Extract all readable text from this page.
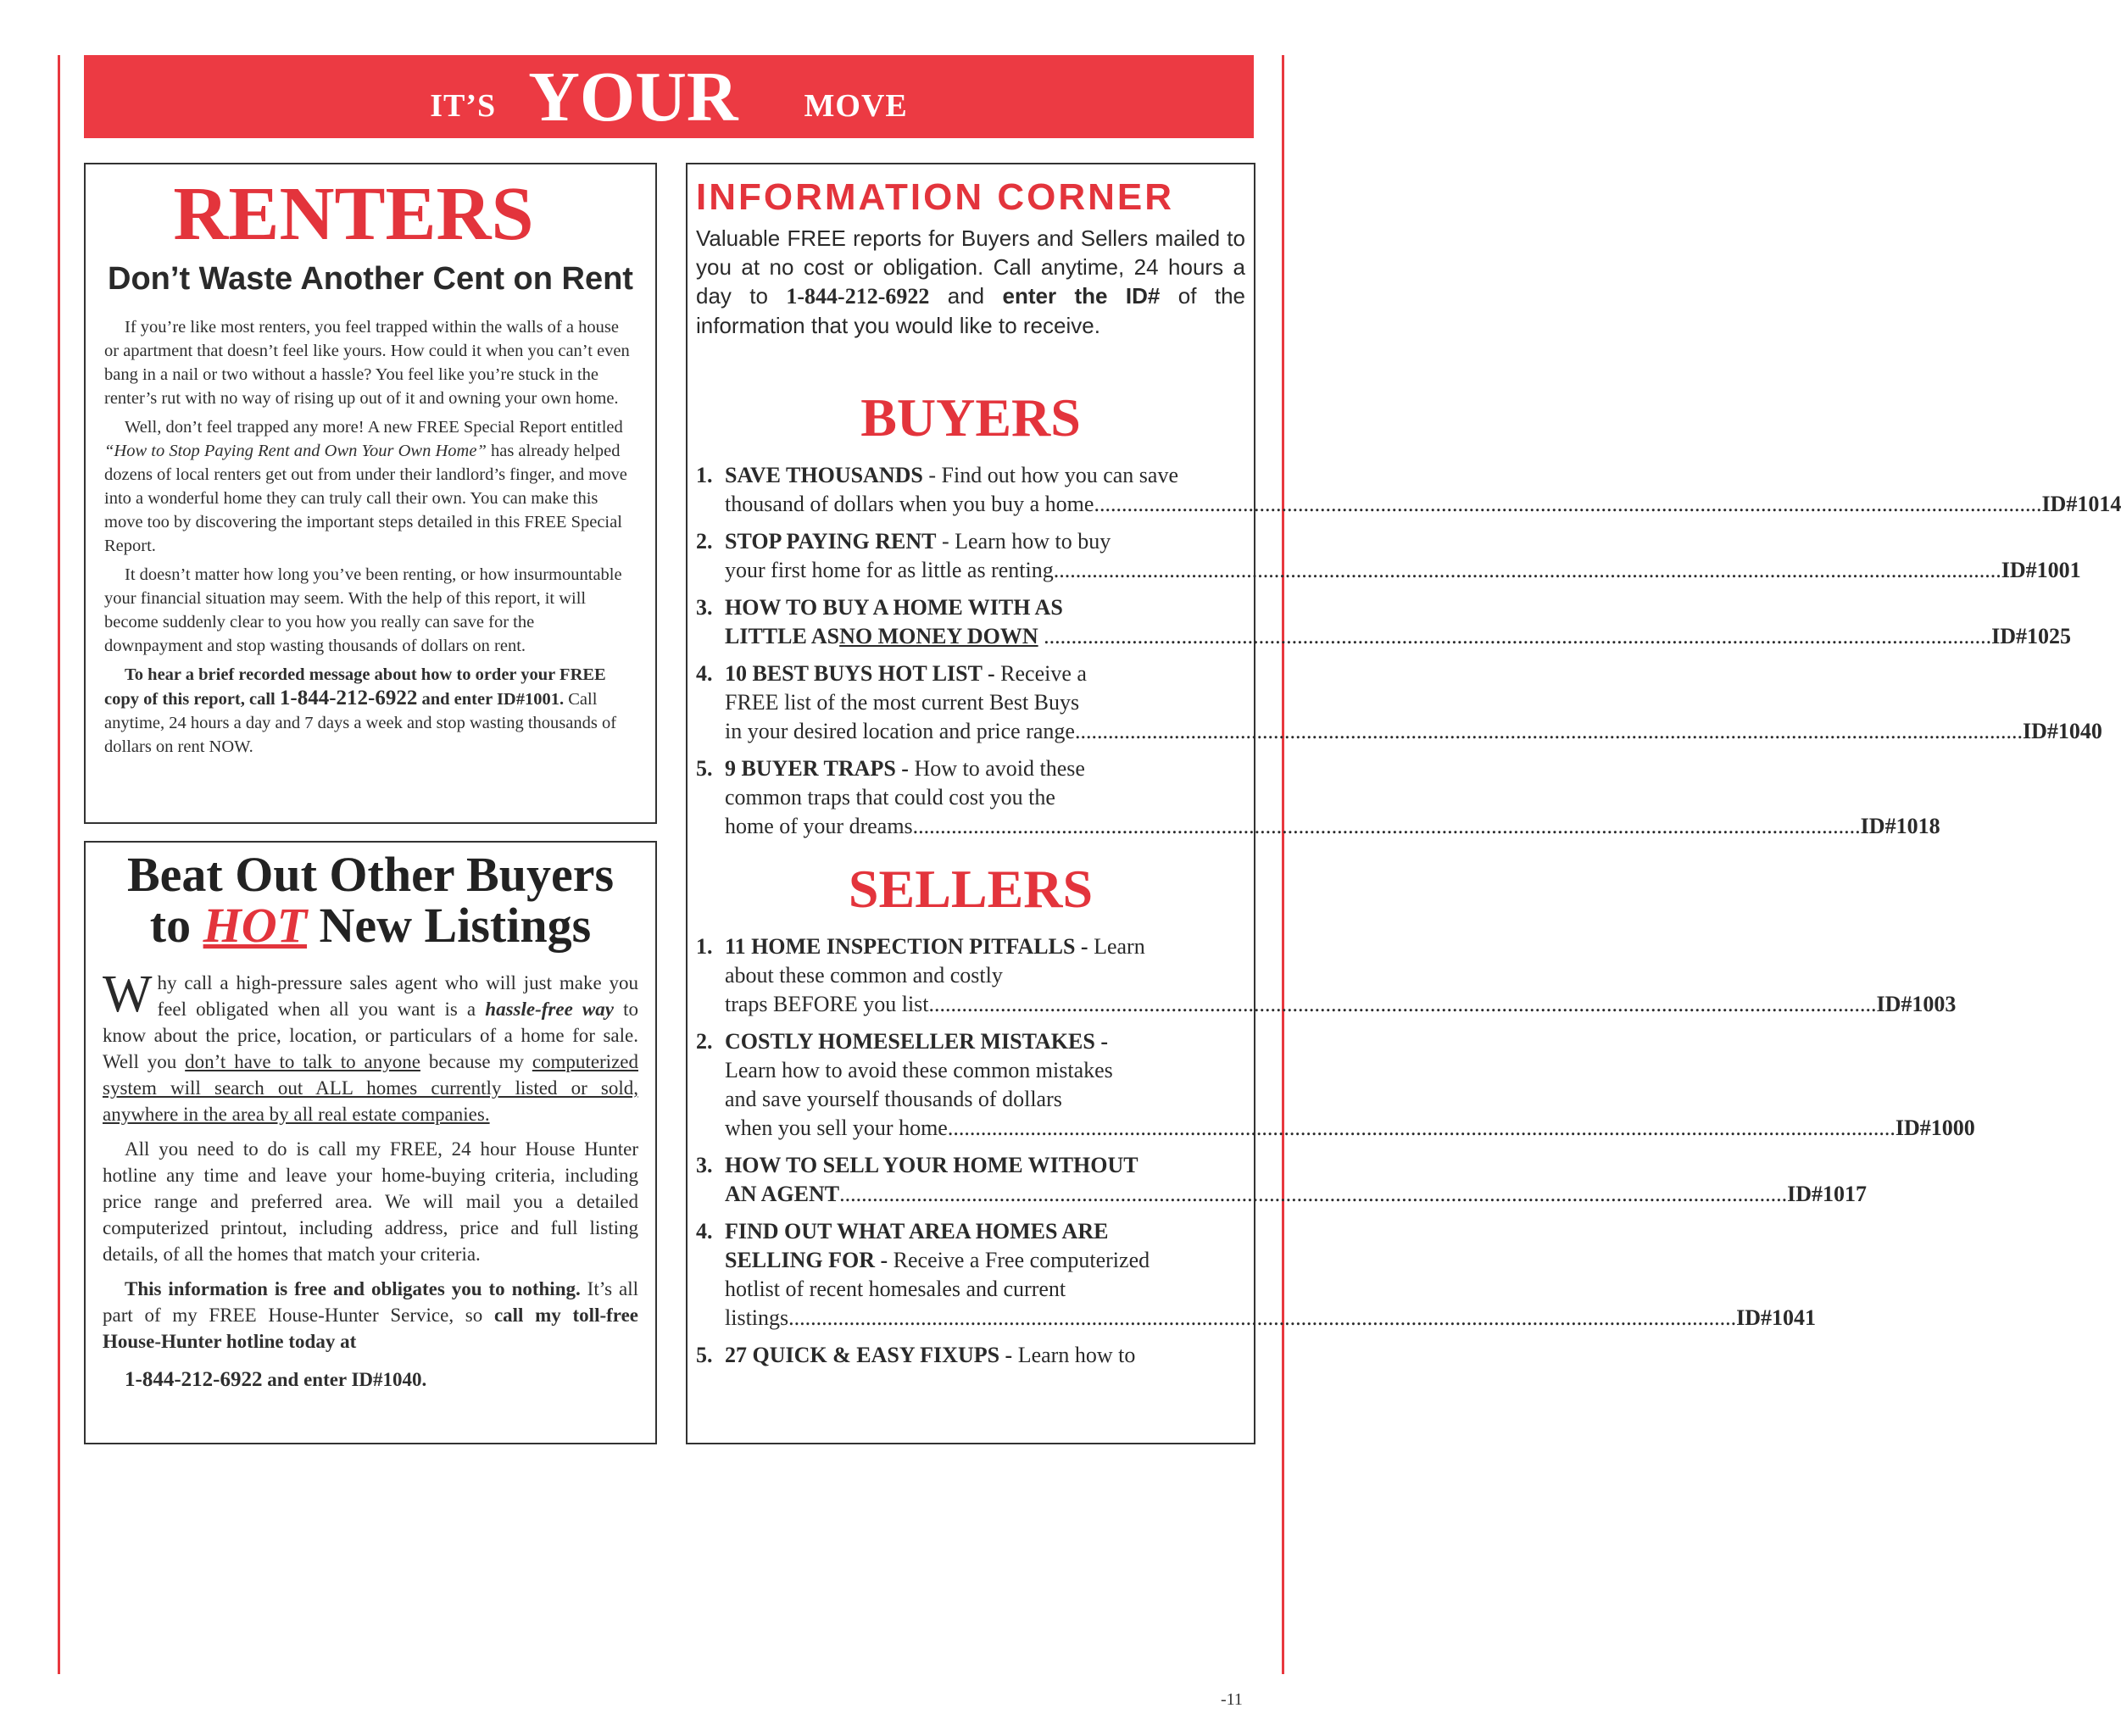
IT’S YOUR MOVE
RENTERS
Don’t Waste Another Cent on Rent

If you’re like most renters, you feel trapped within the walls of a house or apartment that doesn’t feel like yours. How could it when you can’t even bang in a nail or two without a hassle? You feel like you’re stuck in the renter’s rut with no way of rising up out of it and owning your own home.

Well, don’t feel trapped any more! A new FREE Special Report entitled “How to Stop Paying Rent and Own Your Own Home” has already helped dozens of local renters get out from under their landlord’s finger, and move into a wonderful home they can truly call their own. You can make this move too by discovering the important steps detailed in this FREE Special Report.

It doesn’t matter how long you’ve been renting, or how insurmountable your financial situation may seem. With the help of this report, it will become suddenly clear to you how you really can save for the downpayment and stop wasting thousands of dollars on rent.

To hear a brief recorded message about how to order your FREE copy of this report, call 1-844-212-6922 and enter ID#1001. Call anytime, 24 hours a day and 7 days a week and stop wasting thousands of dollars on rent NOW.

Beat Out Other Buyers
to HOT New Listings

Why call a high-pressure sales agent who will just make you feel obligated when all you want is a hassle-free way to know about the price, location, or particulars of a home for sale. Well you don’t have to talk to anyone because my computerized system will search out ALL homes currently listed or sold, anywhere in the area by all real estate companies.

All you need to do is call my FREE, 24 hour House Hunter hotline any time and leave your home-buying criteria, including price range and preferred area. We will mail you a detailed computerized printout, including address, price and full listing details, of all the homes that match your criteria.

This information is free and obligates you to nothing. It’s all part of my FREE House-Hunter Service, so call my toll-free House-Hunter hotline today at

1-844-212-6922 and enter ID#1040.

INFORMATION CORNER
Valuable FREE reports for Buyers and Sellers mailed to you at no cost or obligation. Call anytime, 24 hours a day to 1-844-212-6922 and enter the ID# of the information that you would like to receive.
BUYERS
1. SAVE THOUSANDS - Find out how you can save
thousand of dollars when you buy a home .....	ID#1014
2. STOP PAYING RENT - Learn how to buy
your first home for as little as renting .....	ID#1001
3. HOW TO BUY A HOME WITH AS
LITTLE AS NO MONEY DOWN
.....	ID#1025
4. 10 BEST BUYS HOT LIST - Receive a
FREE list of the most current Best Buys
in your desired location and price range .....	ID#1040
5. 9 BUYER TRAPS - How to avoid these
common traps that could cost you the
home of your dreams .....	ID#1018
SELLERS
1. 11 HOME INSPECTION PITFALLS - Learn
about these common and costly
traps BEFORE you list .....	ID#1003
2. COSTLY HOMESELLER MISTAKES -
Learn how to avoid these common mistakes
and save yourself thousands of dollars
when you sell your home .....	ID#1000
3. HOW TO SELL YOUR HOME WITHOUT
AN AGENT .....	ID#1017
4. FIND OUT WHAT AREA HOMES ARE
SELLING FOR - Receive a Free computerized
hotlist of recent homesales and current
listings .....	ID#1041
5. 27 QUICK & EASY FIXUPS - Learn how to
-11
